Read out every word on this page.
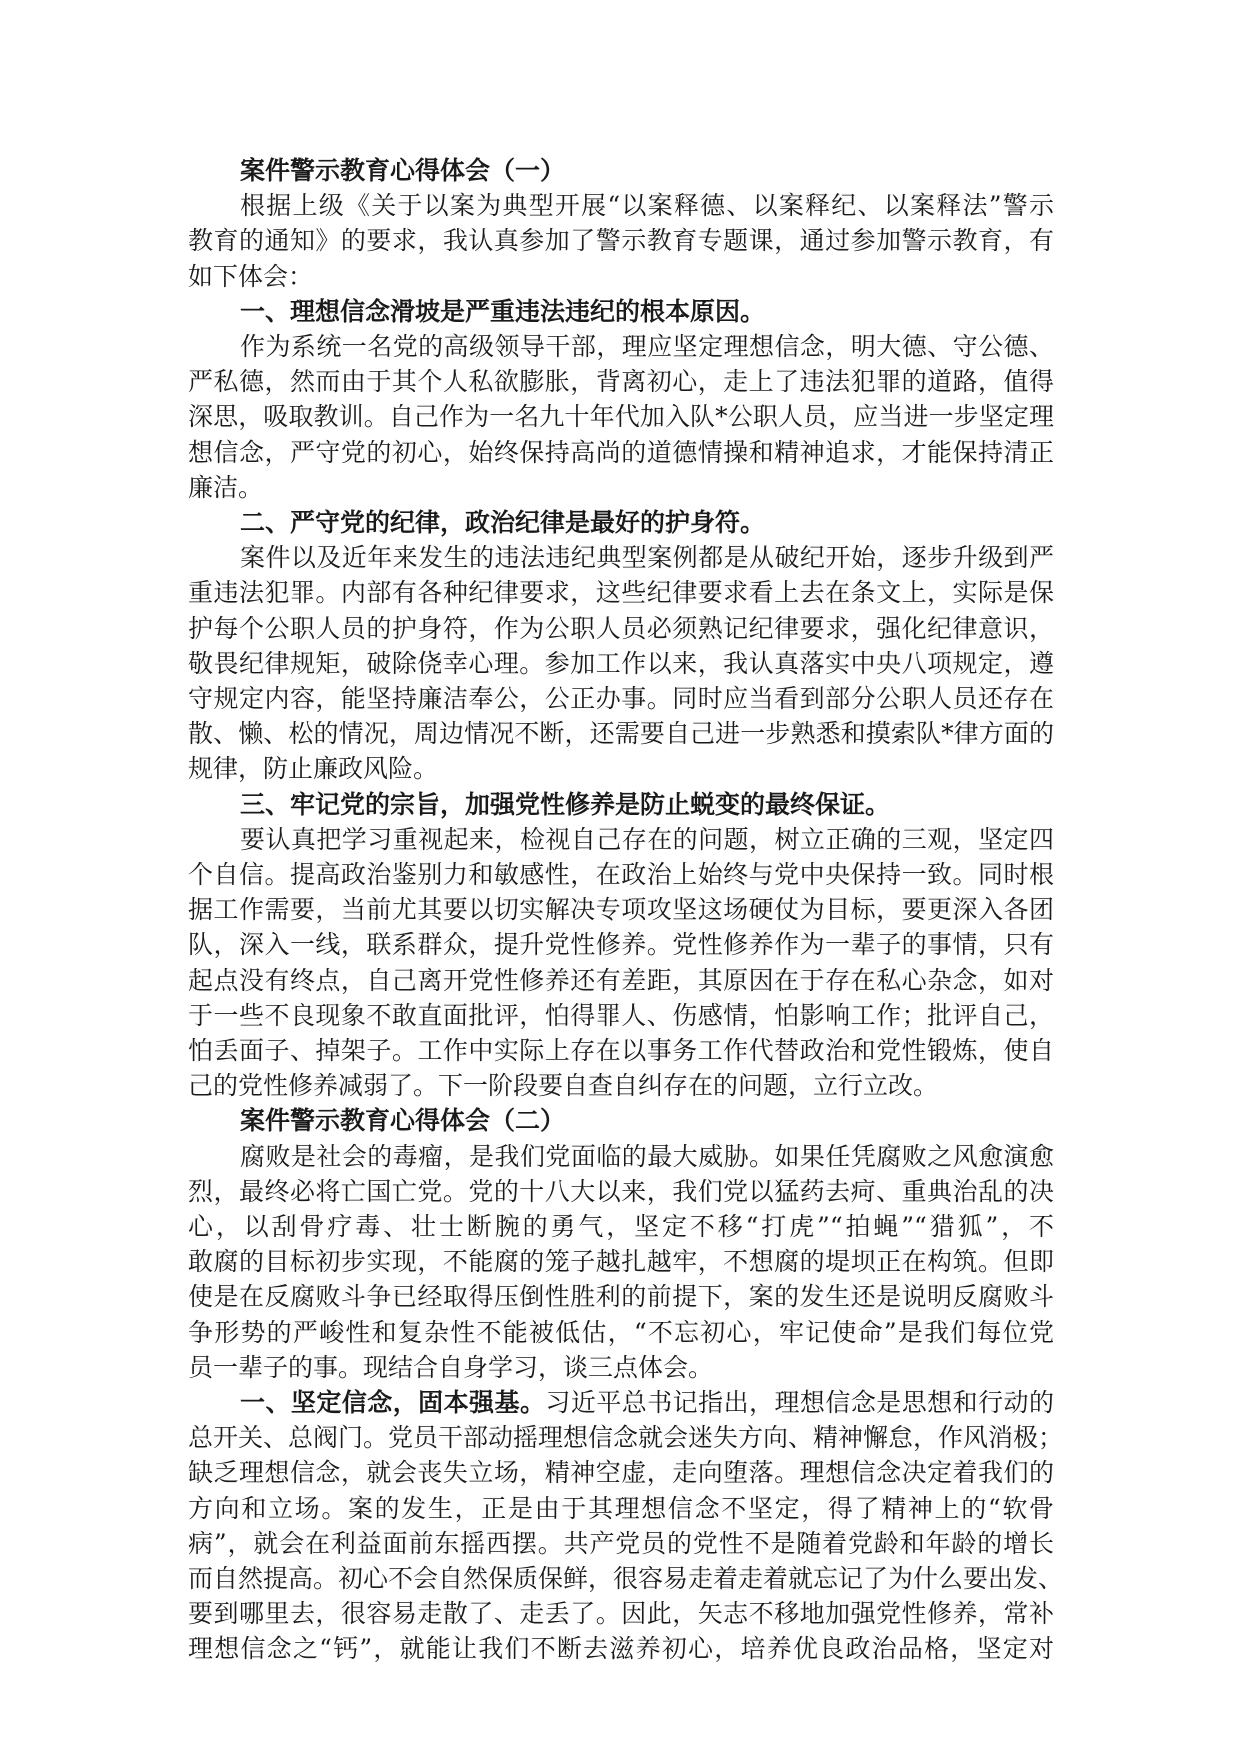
案件警示教育心得体会（一）
根据上级《关于以案为典型开展“以案释德、以案释纪、以案释法”警示
教育的通知》的要求，我认真参加了警示教育专题课，通过参加警示教育，有
如下体会：
一、理想信念滑坡是严重违法违纪的根本原因。
作为系统一名党的高级领导干部，理应坚定理想信念，明大德、守公德、
严私德，然而由于其个人私欲膨胀，背离初心，走上了违法犯罪的道路，值得
深思，吸取教训。自己作为一名九十年代加入队*公职人员，应当进一步坚定理
想信念，严守党的初心，始终保持高尚的道德情操和精神追求，才能保持清正
廉洁。
二、严守党的纪律，政治纪律是最好的护身符。
案件以及近年来发生的违法违纪典型案例都是从破纪开始，逐步升级到严
重违法犯罪。内部有各种纪律要求，这些纪律要求看上去在条文上，实际是保
护每个公职人员的护身符，作为公职人员必须熟记纪律要求，强化纪律意识，
敬畏纪律规矩，破除侥幸心理。参加工作以来，我认真落实中央八项规定，遵
守规定内容，能坚持廉洁奉公，公正办事。同时应当看到部分公职人员还存在
散、懒、松的情况，周边情况不断，还需要自己进一步熟悉和摸索队*律方面的
规律，防止廉政风险。
三、牢记党的宗旨，加强党性修养是防止蜕变的最终保证。
要认真把学习重视起来，检视自己存在的问题，树立正确的三观，坚定四
个自信。提高政治鉴别力和敏感性，在政治上始终与党中央保持一致。同时根
据工作需要，当前尤其要以切实解决专项攻坚这场硬仗为目标，要更深入各团
队，深入一线，联系群众，提升党性修养。党性修养作为一辈子的事情，只有
起点没有终点，自己离开党性修养还有差距，其原因在于存在私心杂念，如对
于一些不良现象不敢直面批评，怕得罪人、伤感情，怕影响工作；批评自己，
怕丢面子、掉架子。工作中实际上存在以事务工作代替政治和党性锻炼，使自
己的党性修养减弱了。下一阶段要自查自纠存在的问题，立行立改。
案件警示教育心得体会（二）
腐败是社会的毒瘤，是我们党面临的最大威胁。如果任凭腐败之风愈演愈
烈，最终必将亡国亡党。党的十八大以来，我们党以猛药去疴、重典治乱的决
心，以刮骨疗毒、壮士断腕的勇气，坚定不移“打虎”“拍蝇”“猎狐”，不
敢腐的目标初步实现，不能腐的笼子越扎越牢，不想腐的堤坝正在构筑。但即
使是在反腐败斗争已经取得压倒性胜利的前提下，案的发生还是说明反腐败斗
争形势的严峻性和复杂性不能被低估，“不忘初心，牢记使命”是我们每位党
员一辈子的事。现结合自身学习，谈三点体会。
一、坚定信念，固本强基。习近平总书记指出，理想信念是思想和行动的
总开关、总阀门。党员干部动摇理想信念就会迷失方向、精神懈怠，作风消极；
缺乏理想信念，就会丧失立场，精神空虚，走向堕落。理想信念决定着我们的
方向和立场。案的发生，正是由于其理想信念不坚定，得了精神上的“软骨
病”，就会在利益面前东摇西摆。共产党员的党性不是随着党龄和年龄的增长
而自然提高。初心不会自然保质保鲜，很容易走着走着就忘记了为什么要出发、
要到哪里去，很容易走散了、走丢了。因此，矢志不移地加强党性修养，常补
理想信念之“钙”，就能让我们不断去滋养初心，培养优良政治品格，坚定对
